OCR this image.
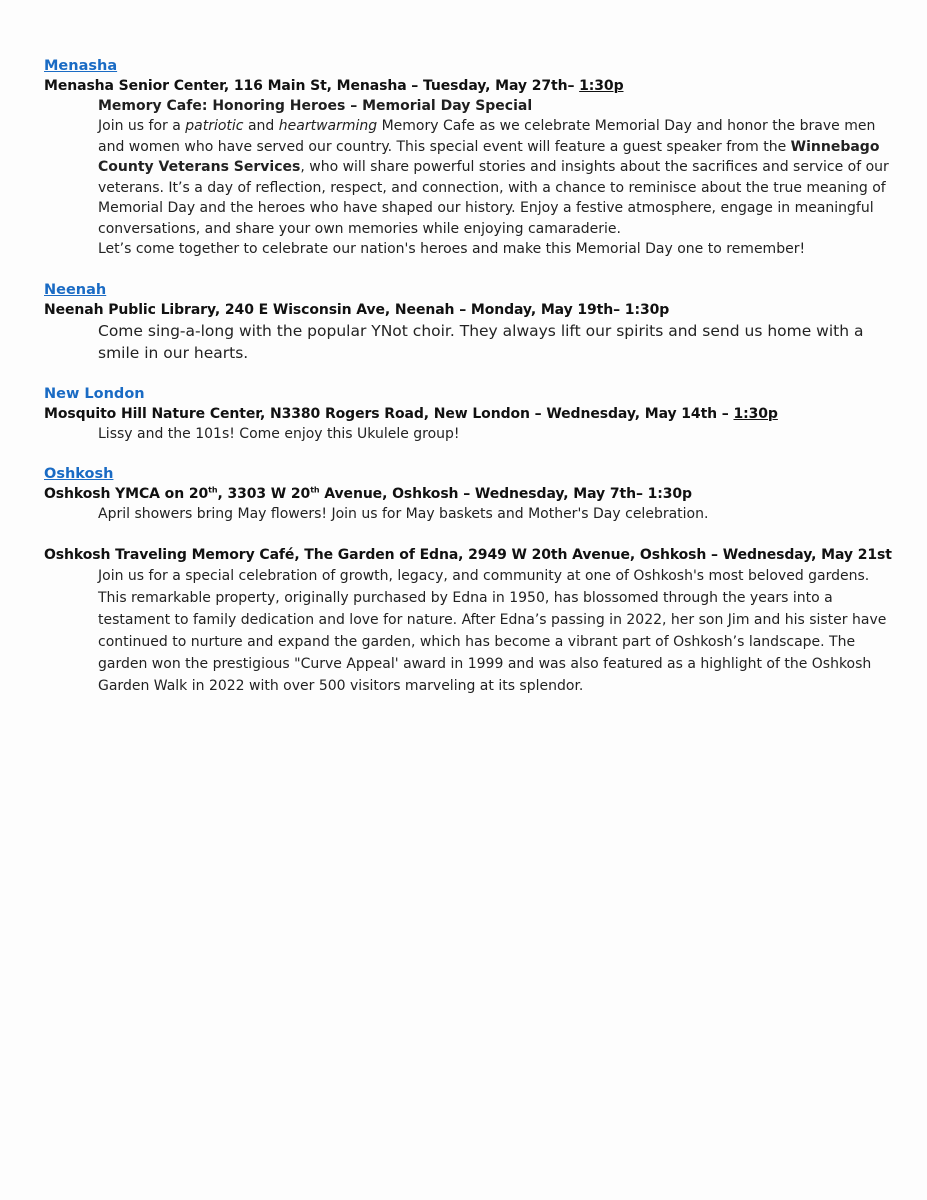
Menasha
Menasha Senior Center, 116 Main St, Menasha – Tuesday, May 27th– 1:30p
Memory Cafe: Honoring Heroes – Memorial Day Special
Join us for a patriotic and heartwarming Memory Cafe as we celebrate Memorial Day and honor the brave men and women who have served our country. This special event will feature a guest speaker from the Winnebago County Veterans Services, who will share powerful stories and insights about the sacrifices and service of our veterans. It’s a day of reflection, respect, and connection, with a chance to reminisce about the true meaning of Memorial Day and the heroes who have shaped our history. Enjoy a festive atmosphere, engage in meaningful conversations, and share your own memories while enjoying camaraderie.
Let’s come together to celebrate our nation's heroes and make this Memorial Day one to remember!
Neenah
Neenah Public Library, 240 E Wisconsin Ave, Neenah – Monday, May 19th– 1:30p
Come sing-a-long with the popular YNot choir. They always lift our spirits and send us home with a smile in our hearts.
New London
Mosquito Hill Nature Center, N3380 Rogers Road, New London – Wednesday, May 14th – 1:30p
Lissy and the 101s! Come enjoy this Ukulele group!
Oshkosh
Oshkosh YMCA on 20th, 3303 W 20th Avenue, Oshkosh – Wednesday, May 7th– 1:30p
April showers bring May flowers! Join us for May baskets and Mother's Day celebration.
Oshkosh Traveling Memory Café, The Garden of Edna, 2949 W 20th Avenue, Oshkosh – Wednesday, May 21st
Join us for a special celebration of growth, legacy, and community at one of Oshkosh's most beloved gardens. This remarkable property, originally purchased by Edna in 1950, has blossomed through the years into a testament to family dedication and love for nature. After Edna’s passing in 2022, her son Jim and his sister have continued to nurture and expand the garden, which has become a vibrant part of Oshkosh’s landscape. The garden won the prestigious "Curve Appeal' award in 1999 and was also featured as a highlight of the Oshkosh Garden Walk in 2022 with over 500 visitors marveling at its splendor.
